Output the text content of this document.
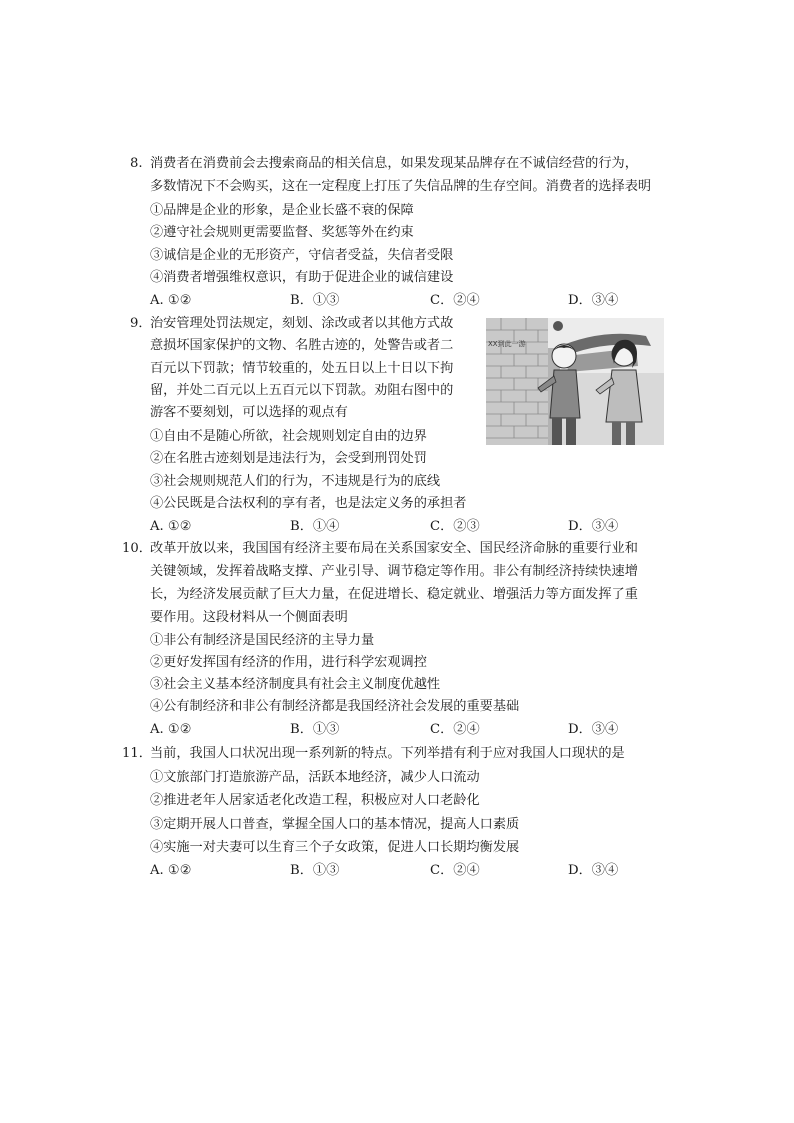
8. 消费者在消费前会去搜索商品的相关信息，如果发现某品牌存在不诚信经营的行为，
多数情况下不会购买，这在一定程度上打压了失信品牌的生存空间。消费者的选择表明
①品牌是企业的形象，是企业长盛不衰的保障
②遵守社会规则更需要监督、奖惩等外在约束
③诚信是企业的无形资产，守信者受益，失信者受限
④消费者增强维权意识，有助于促进企业的诚信建设
A. ①②	B．①③	C．②④	D．③④
9．
治安管理处罚法规定，刻划、涂改或者以其他方式故
意损坏国家保护的文物、名胜古迹的，处警告或者二
百元以下罚款；情节较重的，处五日以上十日以下拘
留，并处二百元以上五百元以下罚款。劝阻右图中的
游客不要刻划，可以选择的观点有
①自由不是随心所欲，社会规则划定自由的边界
②在名胜古迹刻划是违法行为，会受到刑罚处罚
③社会规则规范人们的行为，不违规是行为的底线
④公民既是合法权利的享有者，也是法定义务的承担者
A. ①②	B．①④	C．②③	D．③④
XX到此一游
10．
改革开放以来，我国国有经济主要布局在关系国家安全、国民经济命脉的重要行业和
关键领域，发挥着战略支撑、产业引导、调节稳定等作用。非公有制经济持续快速增
长，为经济发展贡献了巨大力量，在促进增长、稳定就业、增强活力等方面发挥了重
要作用。这段材料从一个侧面表明
①非公有制经济是国民经济的主导力量
②更好发挥国有经济的作用，进行科学宏观调控
③社会主义基本经济制度具有社会主义制度优越性
④公有制经济和非公有制经济都是我国经济社会发展的重要基础
A. ①②	B．①③	C．②④	D．③④
11．
当前，我国人口状况出现一系列新的特点。下列举措有利于应对我国人口现状的是
①文旅部门打造旅游产品，活跃本地经济，减少人口流动
②推进老年人居家适老化改造工程，积极应对人口老龄化
③定期开展人口普查，掌握全国人口的基本情况，提高人口素质
④实施一对夫妻可以生育三个子女政策，促进人口长期均衡发展
A. ①②	B．①③	C．②④	D．③④
